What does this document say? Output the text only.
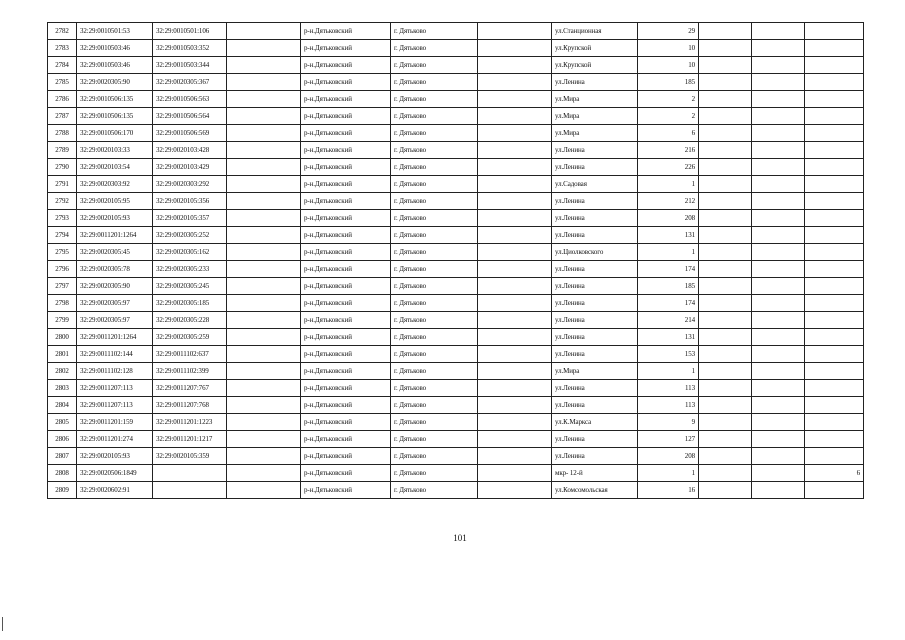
2782	32:29:0010501:53	32:29:0010501:106		р-н.Дятьковский	г. Дятьково		ул.Станционная	29			
2783	32:29:0010503:46	32:29:0010503:352		р-н.Дятьковский	г. Дятьково		ул.Крупской	10			
2784	32:29:0010503:46	32:29:0010503:344		р-н.Дятьковский	г. Дятьково		ул.Крупской	10			
2785	32:29:0020305:90	32:29:0020305:367		р-н.Дятьковский	г. Дятьково		ул.Ленина	185			
2786	32:29:0010506:135	32:29:0010506:563		р-н.Дятьковский	г. Дятьково		ул.Мира	2			
2787	32:29:0010506:135	32:29:0010506:564		р-н.Дятьковский	г. Дятьково		ул.Мира	2			
2788	32:29:0010506:170	32:29:0010506:569		р-н.Дятьковский	г. Дятьково		ул.Мира	6			
2789	32:29:0020103:33	32:29:0020103:428		р-н.Дятьковский	г. Дятьково		ул.Ленина	216			
2790	32:29:0020103:54	32:29:0020103:429		р-н.Дятьковский	г. Дятьково		ул.Ленина	226			
2791	32:29:0020303:92	32:29:0020303:292		р-н.Дятьковский	г. Дятьково		ул.Садовая	1			
2792	32:29:0020105:95	32:29:0020105:356		р-н.Дятьковский	г. Дятьково		ул.Ленина	212			
2793	32:29:0020105:93	32:29:0020105:357		р-н.Дятьковский	г. Дятьково		ул.Ленина	208			
2794	32:29:0011201:1264	32:29:0020305:252		р-н.Дятьковский	г. Дятьково		ул.Ленина	131			
2795	32:29:0020305:45	32:29:0020305:162		р-н.Дятьковский	г. Дятьково		ул.Циолковского	1			
2796	32:29:0020305:78	32:29:0020305:233		р-н.Дятьковский	г. Дятьково		ул.Ленина	174			
2797	32:29:0020305:90	32:29:0020305:245		р-н.Дятьковский	г. Дятьково		ул.Ленина	185			
2798	32:29:0020305:97	32:29:0020305:185		р-н.Дятьковский	г. Дятьково		ул.Ленина	174			
2799	32:29:0020305:97	32:29:0020305:228		р-н.Дятьковский	г. Дятьково		ул.Ленина	214			
2800	32:29:0011201:1264	32:29:0020305:259		р-н.Дятьковский	г. Дятьково		ул.Ленина	131			
2801	32:29:0011102:144	32:29:0011102:637		р-н.Дятьковский	г. Дятьково		ул.Ленина	153			
2802	32:29:0011102:128	32:29:0011102:399		р-н.Дятьковский	г. Дятьково		ул.Мира	1			
2803	32:29:0011207:113	32:29:0011207:767		р-н.Дятьковский	г. Дятьково		ул.Ленина	113			
2804	32:29:0011207:113	32:29:0011207:768		р-н.Дятьковский	г. Дятьково		ул.Ленина	113			
2805	32:29:0011201:159	32:29:0011201:1223		р-н.Дятьковский	г. Дятьково		ул.К.Маркса	9			
2806	32:29:0011201:274	32:29:0011201:1217		р-н.Дятьковский	г. Дятьково		ул.Ленина	127			
2807	32:29:0020105:93	32:29:0020105:359		р-н.Дятьковский	г. Дятьково		ул.Ленина	208			
2808	32:29:0020506:1849			р-н.Дятьковский	г. Дятьково		мкр- 12-й	1			6
2809	32:29:0020602:91			р-н.Дятьковский	г. Дятьково		ул.Комсомольская	16			
101
